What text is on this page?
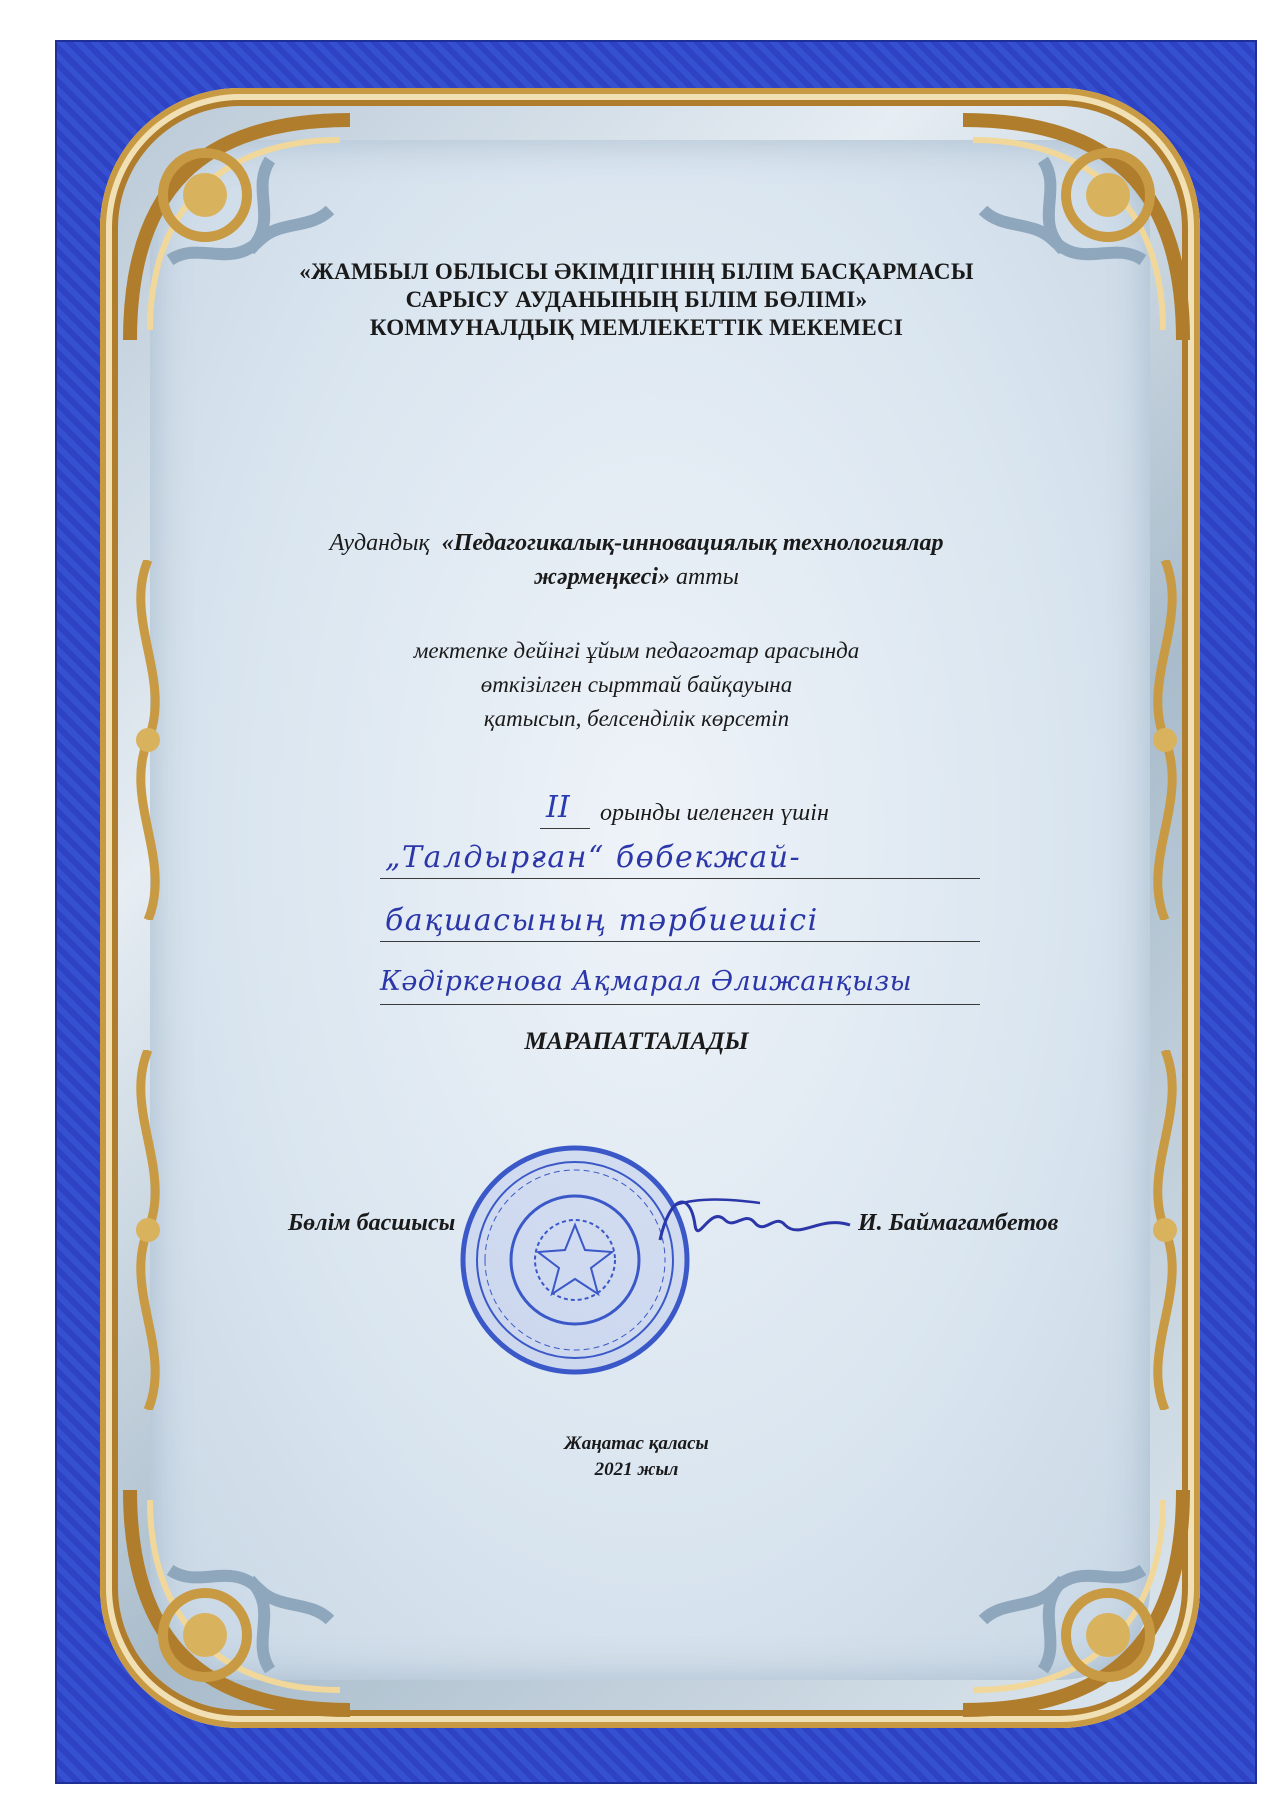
«ЖАМБЫЛ ОБЛЫСЫ ӘКІМДІГІНІҢ БІЛІМ БАСҚАРМАСЫ
САРЫСУ АУДАНЫНЫҢ БІЛІМ БӨЛІМІ»
КОММУНАЛДЫҚ МЕМЛЕКЕТТІК МЕКЕМЕСІ
Аудандық «Педагогикалық-инновациялық технологиялар
жәрмеңкесі» атты
мектепке дейінгі ұйым педагогтар арасында
өткізілген сырттай байқауына
қатысып, белсенділік көрсетіп
II орынды иеленген үшін
„Талдырған“ бөбекжай-
бақшасының тәрбиешісі
Кәдіркенова Ақмарал Әлижанқызы
МАРАПАТТАЛАДЫ
Бөлім басшысы	И. Баймагамбетов
Жаңатас қаласы
2021 жыл
